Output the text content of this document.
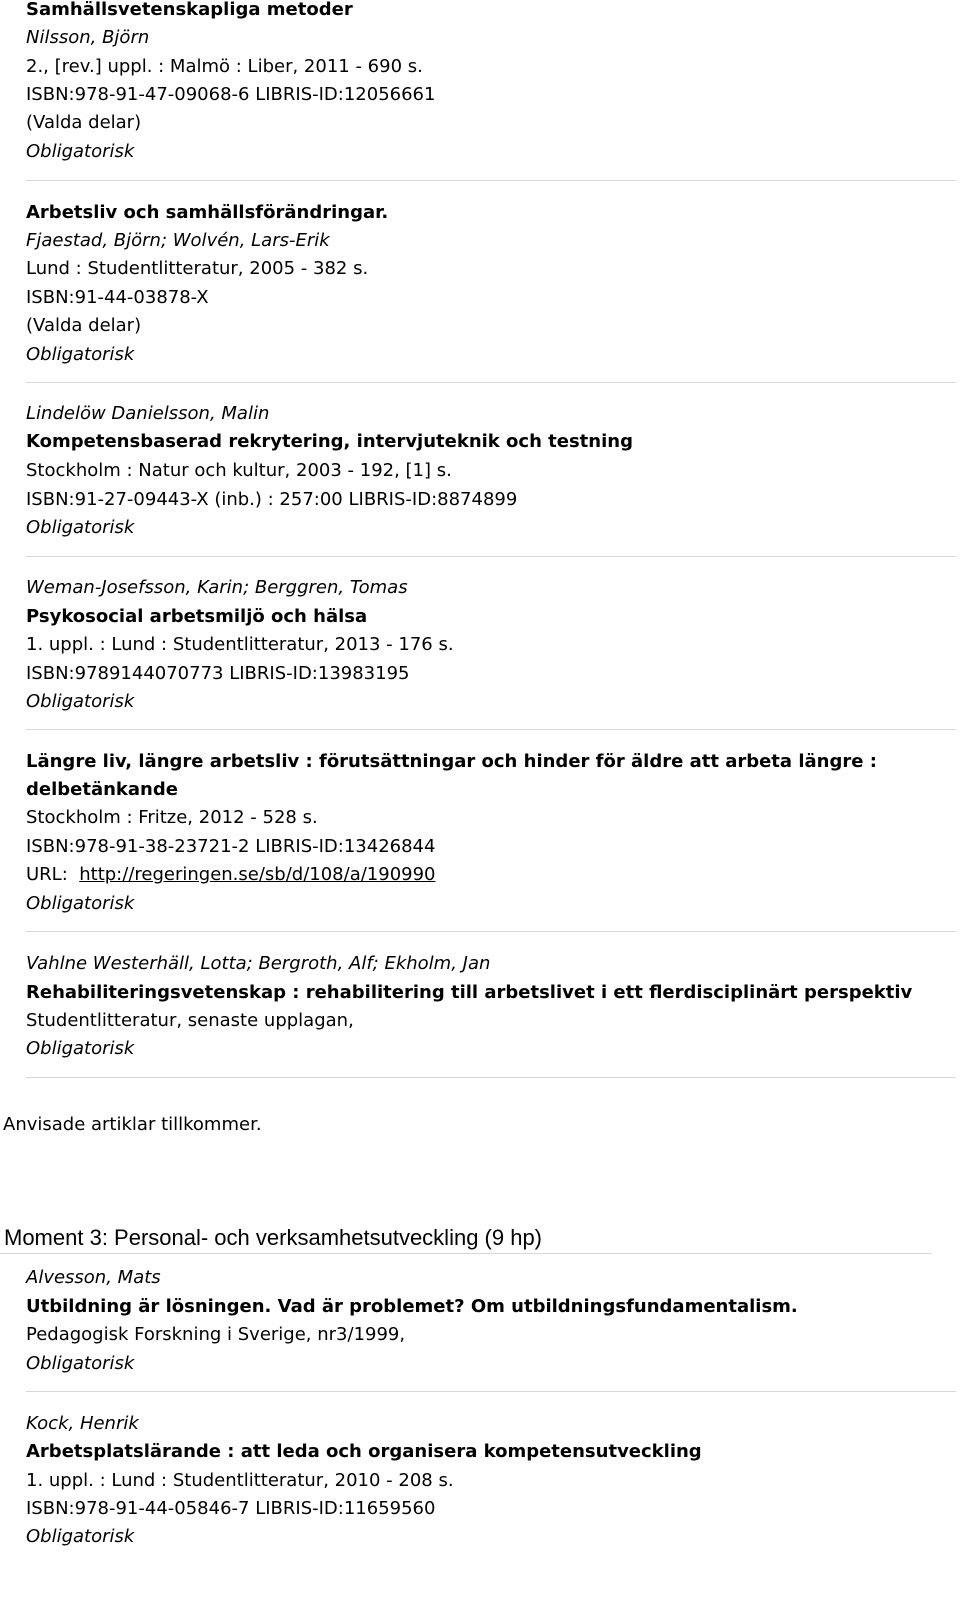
Samhällsvetenskapliga metoder
Nilsson, Björn
2., [rev.] uppl. : Malmö : Liber, 2011 - 690 s.
ISBN:978-91-47-09068-6 LIBRIS-ID:12056661
(Valda delar)
Obligatorisk
Arbetsliv och samhällsförändringar.
Fjaestad, Björn; Wolvén, Lars-Erik
Lund : Studentlitteratur, 2005 - 382 s.
ISBN:91-44-03878-X
(Valda delar)
Obligatorisk
Lindelöw Danielsson, Malin
Kompetensbaserad rekrytering, intervjuteknik och testning
Stockholm : Natur och kultur, 2003 - 192, [1] s.
ISBN:91-27-09443-X (inb.) : 257:00 LIBRIS-ID:8874899
Obligatorisk
Weman-Josefsson, Karin; Berggren, Tomas
Psykosocial arbetsmiljö och hälsa
1. uppl. : Lund : Studentlitteratur, 2013 - 176 s.
ISBN:9789144070773 LIBRIS-ID:13983195
Obligatorisk
Längre liv, längre arbetsliv : förutsättningar och hinder för äldre att arbeta längre :
delbetänkande
Stockholm : Fritze, 2012 - 528 s.
ISBN:978-91-38-23721-2 LIBRIS-ID:13426844
URL: http://regeringen.se/sb/d/108/a/190990
Obligatorisk
Vahlne Westerhäll, Lotta; Bergroth, Alf; Ekholm, Jan
Rehabiliteringsvetenskap : rehabilitering till arbetslivet i ett flerdisciplinärt perspektiv
Studentlitteratur, senaste upplagan,
Obligatorisk
Anvisade artiklar tillkommer.
Moment 3: Personal- och verksamhetsutveckling (9 hp)
Alvesson, Mats
Utbildning är lösningen. Vad är problemet? Om utbildningsfundamentalism.
Pedagogisk Forskning i Sverige, nr3/1999,
Obligatorisk
Kock, Henrik
Arbetsplatslärande : att leda och organisera kompetensutveckling
1. uppl. : Lund : Studentlitteratur, 2010 - 208 s.
ISBN:978-91-44-05846-7 LIBRIS-ID:11659560
Obligatorisk
